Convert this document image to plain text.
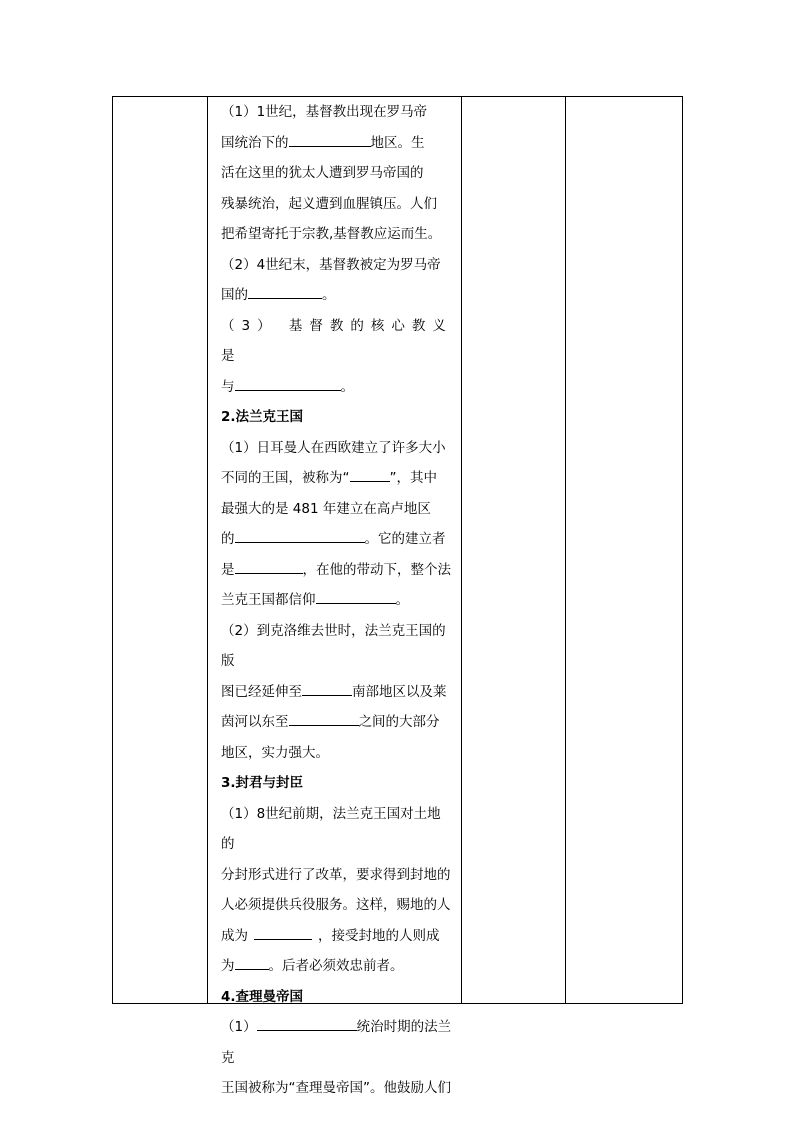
（1）1世纪，基督教出现在罗马帝

国统治下的	地区。生

活在这里的犹太人遭到罗马帝国的

残暴统治，起义遭到血腥镇压。人们

把希望寄托于宗教,基督教应运而生。

（2）4世纪末，基督教被定为罗马帝

国的	。

（3） 基督教的核心教义是

与	。

2.法兰克王国

（1）日耳曼人在西欧建立了许多大小

不同的王国，被称为“	”，其中

最强大的是 481 年建立在高卢地区

的	。它的建立者

是	，在他的带动下，整个法

兰克王国都信仰	。

（2）到克洛维去世时，法兰克王国的版

图已经延伸至	南部地区以及莱

茵河以东至	之间的大部分

地区，实力强大。

3.封君与封臣

（1）8世纪前期，法兰克王国对土地的

分封形式进行了改革，要求得到封地的

人必须提供兵役服务。这样，赐地的人

成为	，接受封地的人则成

为	。后者必须效忠前者。

4.查理曼帝国

（1）	统治时期的法兰克

王国被称为“查理曼帝国”。他鼓励人们
